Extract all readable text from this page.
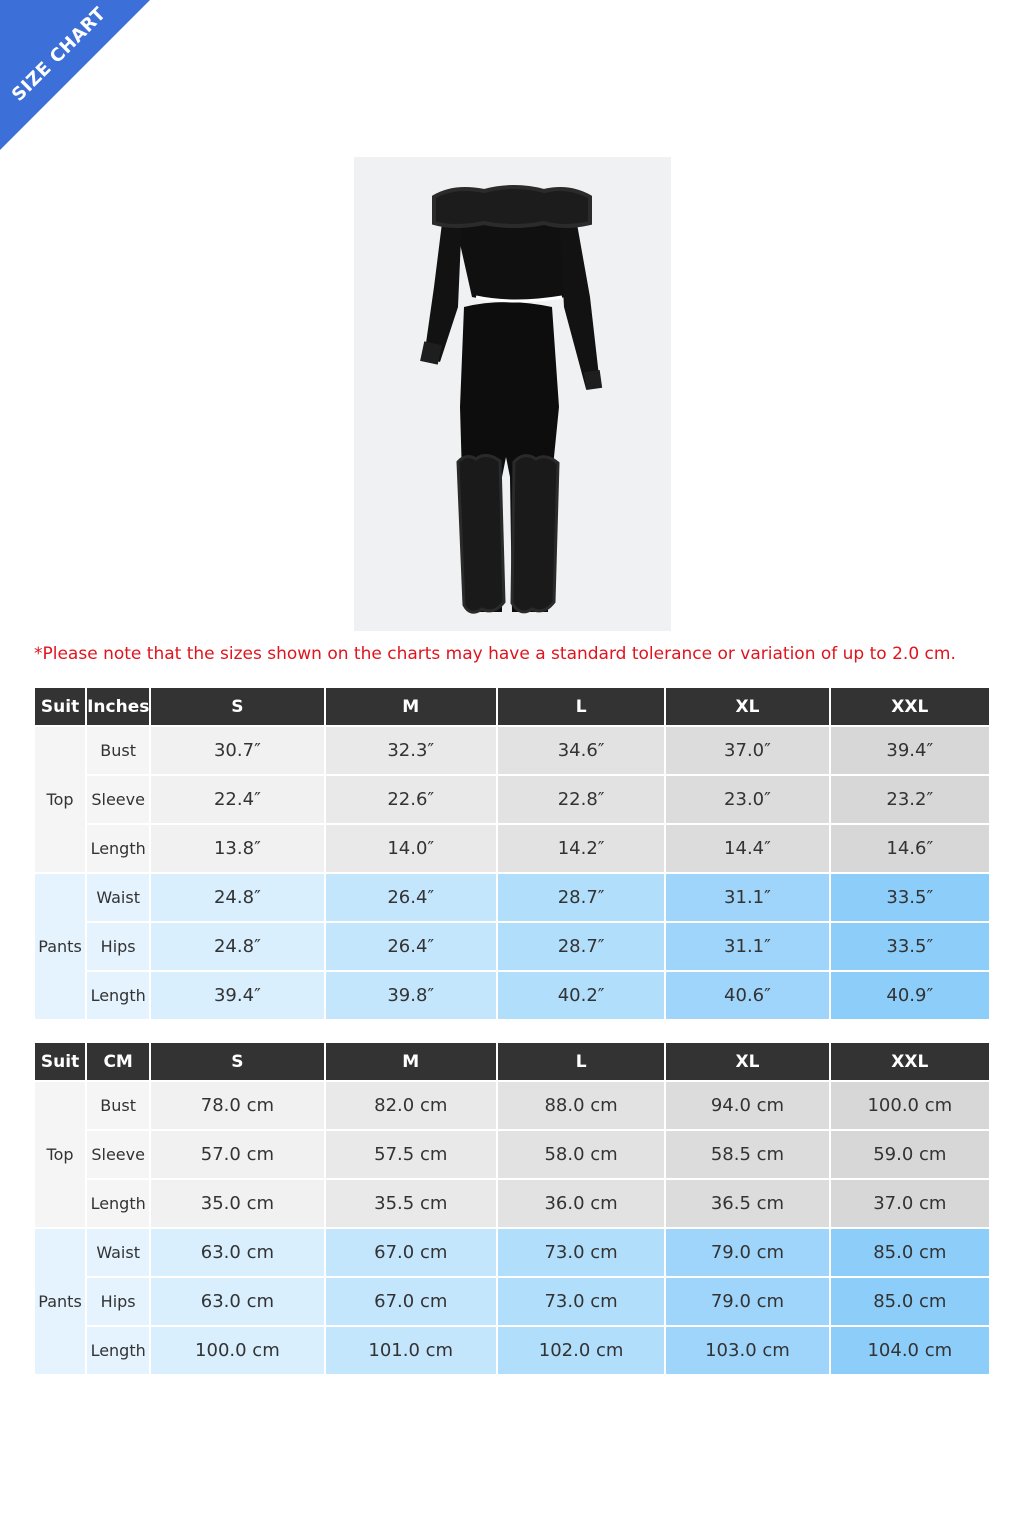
SIZE CHART
*Please note that the sizes shown on the charts may have a standard tolerance or variation of up to 2.0 cm.
Suit	Inches	S	M	L	XL	XXL
Top	Bust	30.7″	32.3″	34.6″	37.0″	39.4″
	Sleeve	22.4″	22.6″	22.8″	23.0″	23.2″
	Length	13.8″	14.0″	14.2″	14.4″	14.6″
Pants	Waist	24.8″	26.4″	28.7″	31.1″	33.5″
	Hips	24.8″	26.4″	28.7″	31.1″	33.5″
	Length	39.4″	39.8″	40.2″	40.6″	40.9″
Suit	CM	S	M	L	XL	XXL
Top	Bust	78.0 cm	82.0 cm	88.0 cm	94.0 cm	100.0 cm
	Sleeve	57.0 cm	57.5 cm	58.0 cm	58.5 cm	59.0 cm
	Length	35.0 cm	35.5 cm	36.0 cm	36.5 cm	37.0 cm
Pants	Waist	63.0 cm	67.0 cm	73.0 cm	79.0 cm	85.0 cm
	Hips	63.0 cm	67.0 cm	73.0 cm	79.0 cm	85.0 cm
	Length	100.0 cm	101.0 cm	102.0 cm	103.0 cm	104.0 cm
